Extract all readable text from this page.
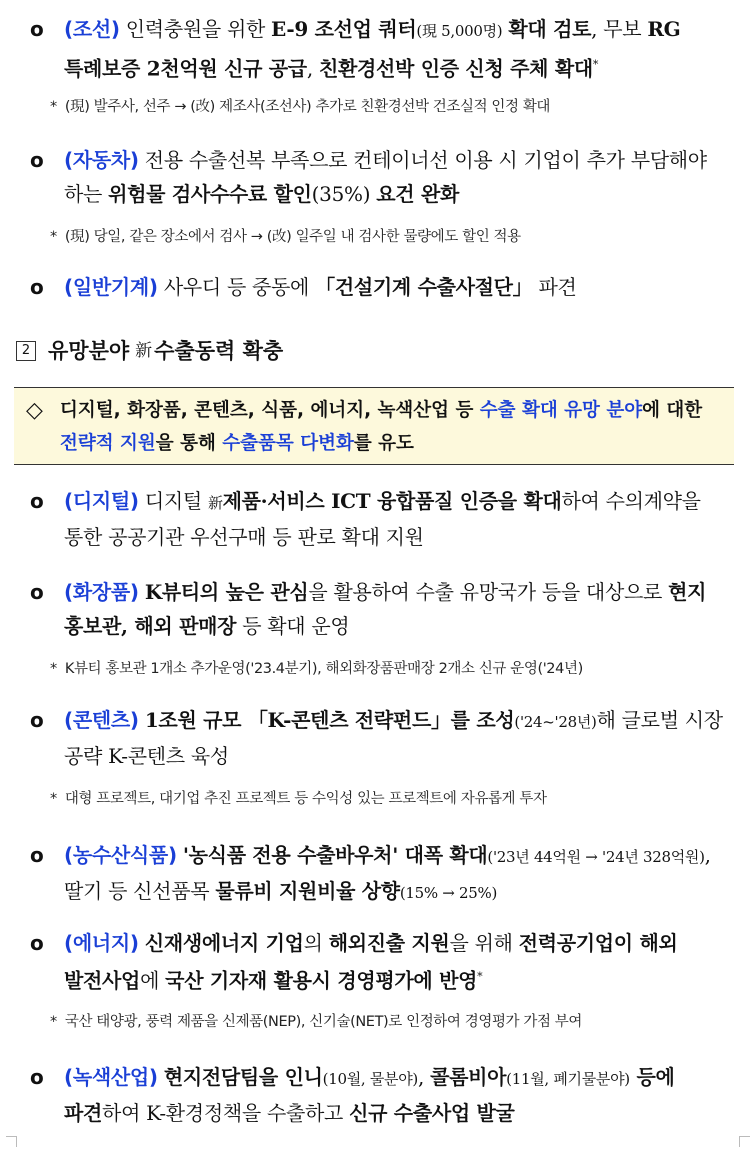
o	(조선) 인력충원을 위한 E-9 조선업 쿼터(現 5,000명) 확대 검토, 무보 RG 특례보증 2천억원 신규 공급, 친환경선박 인증 신청 주체 확대*
* (現) 발주사, 선주 → (改) 제조사(조선사) 추가로 친환경선박 건조실적 인정 확대
o	(자동차) 전용 수출선복 부족으로 컨테이너선 이용 시 기업이 추가 부담해야 하는 위험물 검사수수료 할인(35%) 요건 완화
* (現) 당일, 같은 장소에서 검사 → (改) 일주일 내 검사한 물량에도 할인 적용
o	(일반기계) 사우디 등 중동에 「건설기계 수출사절단」 파견
2 유망분야 新 수출동력 확충
◇ 디지털, 화장품, 콘텐츠, 식품, 에너지, 녹색산업 등 수출 확대 유망 분야에 대한 전략적 지원을 통해 수출품목 다변화를 유도
o	(디지털) 디지털 新제품·서비스 ICT 융합품질 인증을 확대하여 수의계약을 통한 공공기관 우선구매 등 판로 확대 지원
o	(화장품) K뷰티의 높은 관심을 활용하여 수출 유망국가 등을 대상으로 현지 홍보관, 해외 판매장 등 확대 운영
* K뷰티 홍보관 1개소 추가운영('23.4분기), 해외화장품판매장 2개소 신규 운영('24년)
o	(콘텐츠) 1조원 규모 「K-콘텐츠 전략펀드」를 조성('24~'28년)해 글로벌 시장 공략 K-콘텐츠 육성
* 대형 프로젝트, 대기업 추진 프로젝트 등 수익성 있는 프로젝트에 자유롭게 투자
o	(농수산식품) '농식품 전용 수출바우처' 대폭 확대('23년 44억원 → '24년 328억원), 딸기 등 신선품목 물류비 지원비율 상향(15% → 25%)
o	(에너지) 신재생에너지 기업의 해외진출 지원을 위해 전력공기업이 해외 발전사업에 국산 기자재 활용시 경영평가에 반영*
* 국산 태양광, 풍력 제품을 신제품(NEP), 신기술(NET)로 인정하여 경영평가 가점 부여
o	(녹색산업) 현지전담팀을 인니(10월, 물분야), 콜롬비아(11월, 폐기물분야) 등에 파견하여 K-환경정책을 수출하고 신규 수출사업 발굴
